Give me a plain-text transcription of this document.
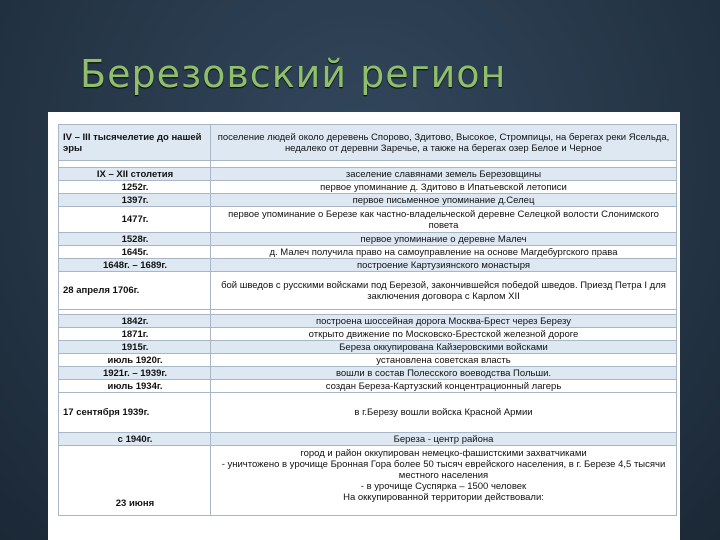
Березовский регион
IV – III тысячелетие до нашей эры	поселение людей около деревень Спорово, Здитово, Высокое, Стромпицы, на берегах реки Ясельда, недалеко от деревни Заречье, а также на берегах озер Белое и Черное

IX – XII столетия	заселение славянами земель Березовщины
1252г.	первое упоминание д. Здитово в Ипатьевской летописи
1397г.	первое письменное упоминание д.Селец
1477г.	первое упоминание о Березе как частно-владельческой деревне Селецкой волости Слонимского повета
1528г.	первое упоминание о деревне Малеч
1645г.	д. Малеч получила право на самоуправление на основе Магдебургского права
1648г. – 1689г.	построение Картузиянского монастыря
28 апреля 1706г.	бой шведов с русскими войсками под Березой, закончившейся победой шведов. Приезд Петра I для заключения договора с Карлом XII

1842г.	построена шоссейная дорога Москва-Брест через Березу
1871г.	открыто движение по Московско-Брестской железной дороге
1915г.	Береза оккупирована Кайзеровскими войсками
июль 1920г.	установлена советская власть
1921г. – 1939г.	вошли в состав Полесского воеводства Польши.
июль 1934г.	создан Береза-Картузский концентрационный лагерь
17 сентября 1939г.	в г.Березу вошли войска Красной Армии
с 1940г.	Береза - центр района
23 июня	город и район оккупирован немецко-фашистскими захватчиками
- уничтожено в урочище Бронная Гора более 50 тысяч еврейского населения, в г. Березе 4,5 тысячи местного населения
- в урочище Суспярка – 1500 человек
На оккупированной территории действовали:
